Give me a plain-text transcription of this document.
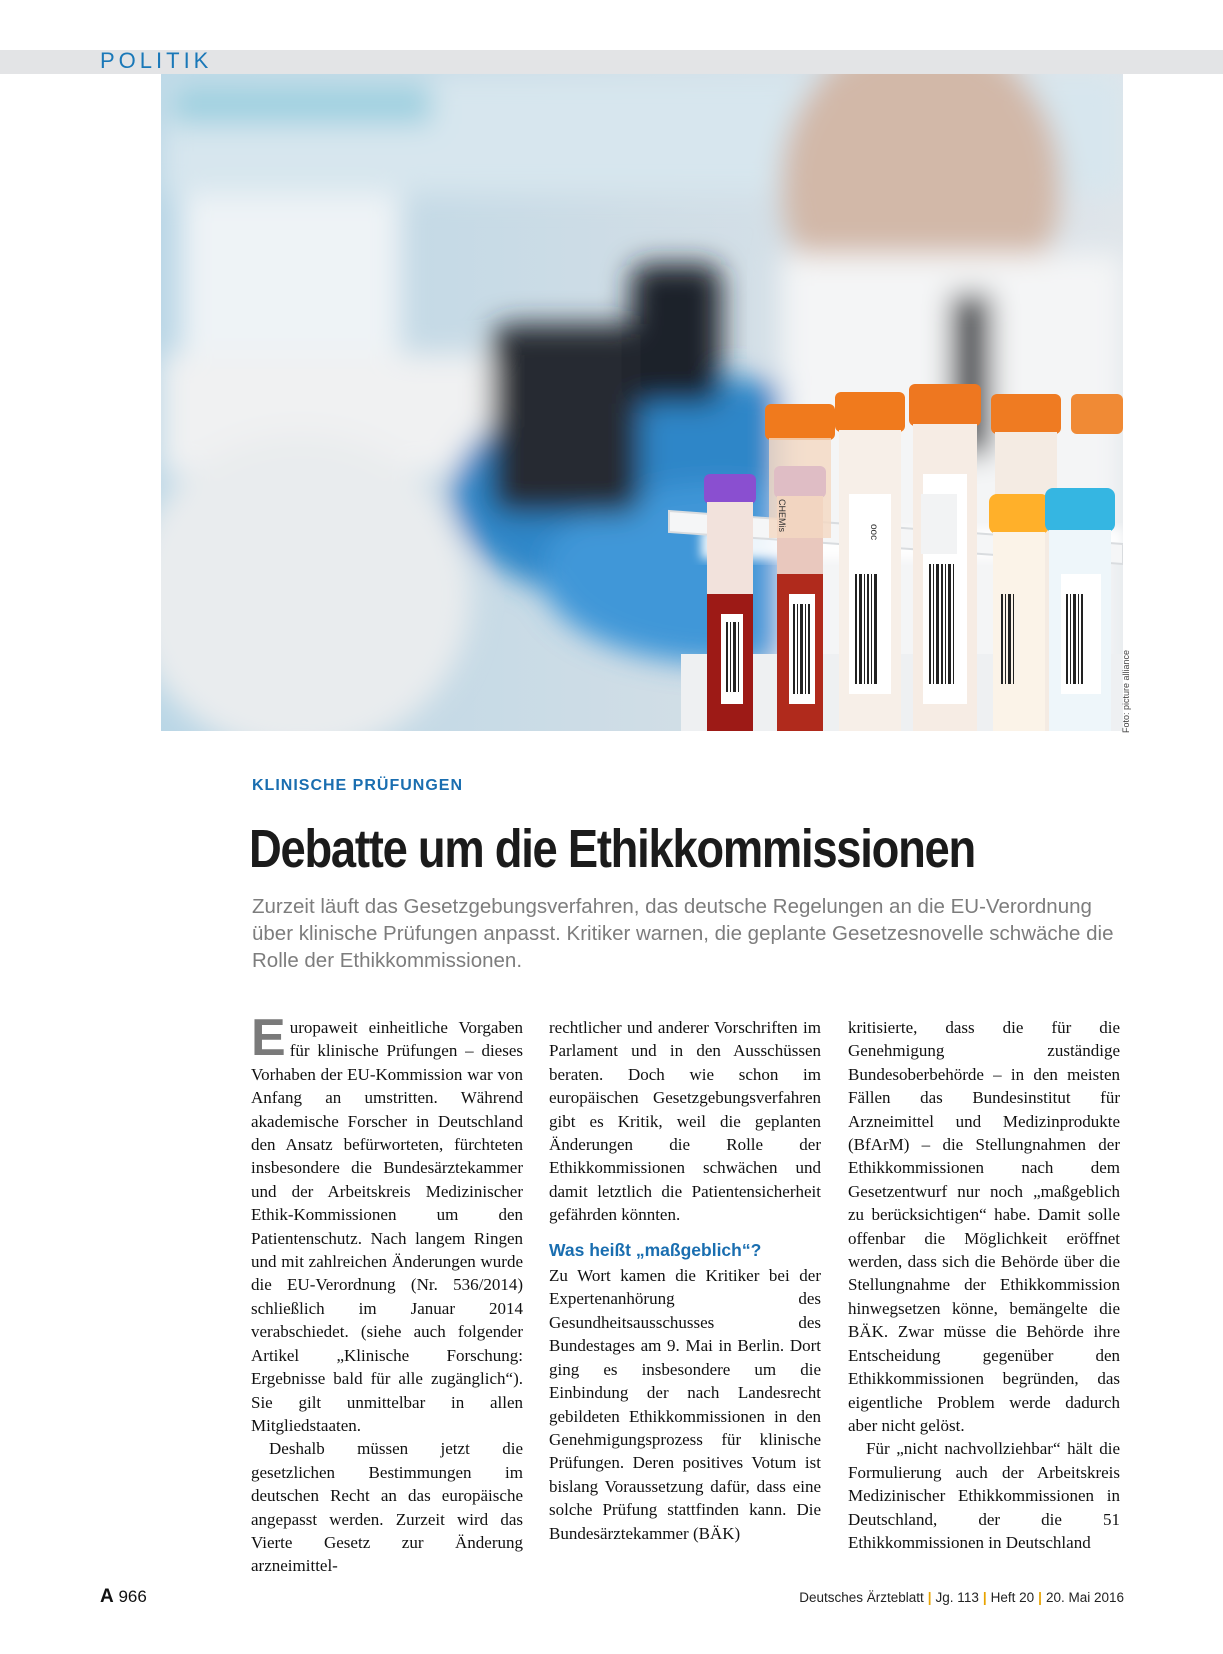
POLITIK
CHEMis
ooc
Foto: picture alliance
KLINISCHE PRÜFUNGEN
Debatte um die Ethikkommissionen
Zurzeit läuft das Gesetzgebungsverfahren, das deutsche Regelungen an die EU-Verordnung über klinische Prüfungen anpasst. Kritiker warnen, die geplante Gesetzesnovelle schwäche die Rolle der Ethikkommissionen.

Europaweit einheitliche Vorgaben für klinische Prüfungen – dieses Vorhaben der EU-Kommission war von Anfang an umstritten. Während akademische Forscher in Deutschland den Ansatz befürworteten, fürchteten insbesondere die Bundesärztekammer und der Arbeitskreis Medizinischer Ethik-Kommissionen um den Patientenschutz. Nach langem Ringen und mit zahlreichen Änderungen wurde die EU-Verordnung (Nr. 536/2014) schließlich im Januar 2014 verabschiedet. (siehe auch folgender Artikel „Klinische Forschung: Ergebnisse bald für alle zugänglich“). Sie gilt unmittelbar in allen Mitgliedstaaten.

Deshalb müssen jetzt die gesetzlichen Bestimmungen im deutschen Recht an das europäische angepasst werden. Zurzeit wird das Vierte Gesetz zur Änderung arzneimittel-

rechtlicher und anderer Vorschriften im Parlament und in den Ausschüssen beraten. Doch wie schon im europäischen Gesetzgebungsverfahren gibt es Kritik, weil die geplanten Änderungen die Rolle der Ethikkommissionen schwächen und damit letztlich die Patientensicherheit gefährden könnten.

Was heißt „maßgeblich“?

Zu Wort kamen die Kritiker bei der Expertenanhörung des Gesundheitsausschusses des Bundestages am 9. Mai in Berlin. Dort ging es insbesondere um die Einbindung der nach Landesrecht gebildeten Ethikkommissionen in den Genehmigungsprozess für klinische Prüfungen. Deren positives Votum ist bislang Voraussetzung dafür, dass eine solche Prüfung stattfinden kann. Die Bundesärztekammer (BÄK)

kritisierte, dass die für die Genehmigung zuständige Bundesoberbehörde – in den meisten Fällen das Bundesinstitut für Arzneimittel und Medizinprodukte (BfArM) – die Stellungnahmen der Ethikkommissionen nach dem Gesetzentwurf nur noch „maßgeblich zu berücksichtigen“ habe. Damit solle offenbar die Möglichkeit eröffnet werden, dass sich die Behörde über die Stellungnahme der Ethikkommission hinwegsetzen könne, bemängelte die BÄK. Zwar müsse die Behörde ihre Entscheidung gegenüber den Ethikkommissionen begründen, das eigentliche Problem werde dadurch aber nicht gelöst.

Für „nicht nachvollziehbar“ hält die Formulierung auch der Arbeitskreis Medizinischer Ethikkommissionen in Deutschland, der die 51 Ethikkommissionen in Deutschland

A 966	Deutsches Ärzteblatt | Jg. 113 | Heft 20 | 20. Mai 2016
